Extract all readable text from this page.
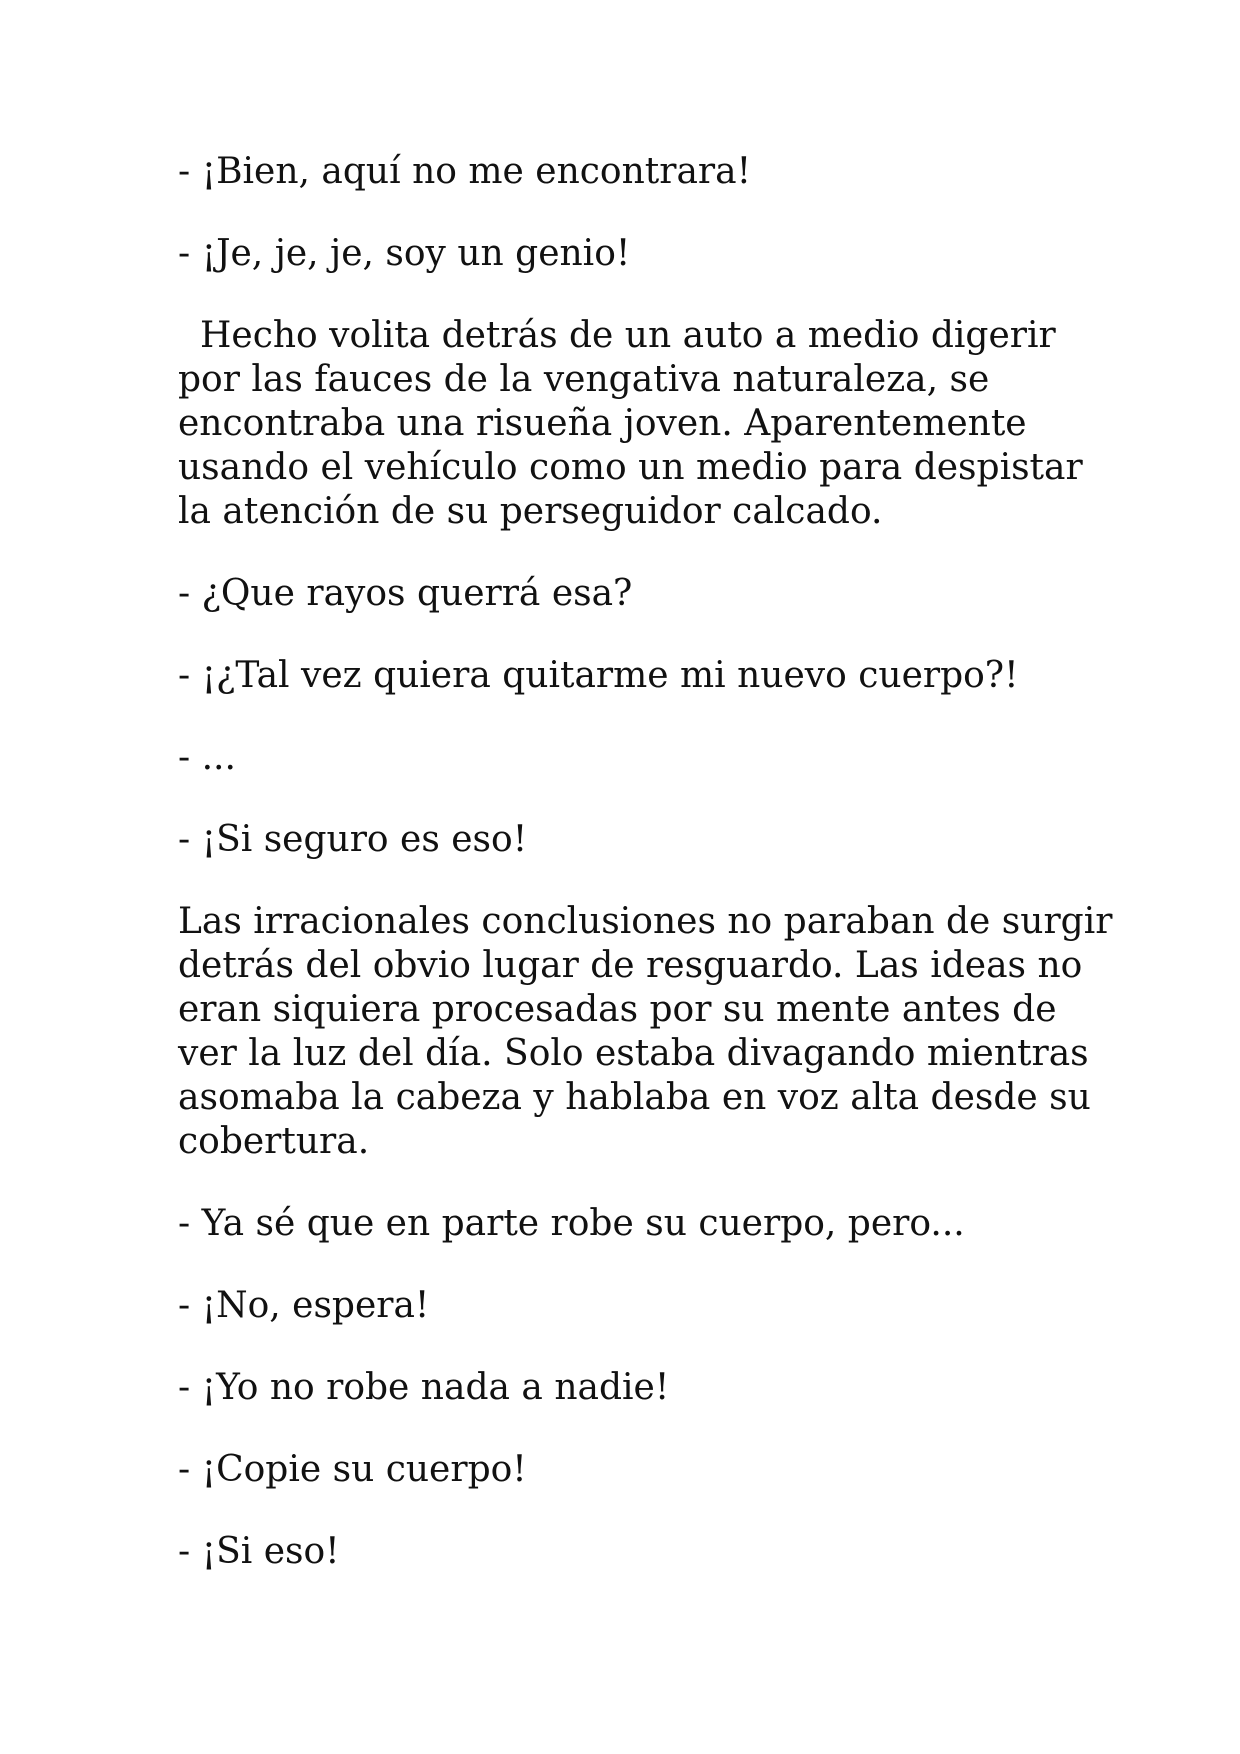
- ¡Bien, aquí no me encontrara!

- ¡Je, je, je, soy un genio!

Hecho volita detrás de un auto a medio digerir por las fauces de la vengativa naturaleza, se encontraba una risueña joven. Aparentemente usando el vehículo como un medio para despistar la atención de su perseguidor calcado.

- ¿Que rayos querrá esa?

- ¡¿Tal vez quiera quitarme mi nuevo cuerpo?!

- ...

- ¡Si seguro es eso!

Las irracionales conclusiones no paraban de surgir detrás del obvio lugar de resguardo. Las ideas no eran siquiera procesadas por su mente antes de ver la luz del día. Solo estaba divagando mientras asomaba la cabeza y hablaba en voz alta desde su cobertura.

- Ya sé que en parte robe su cuerpo, pero...

- ¡No, espera!

- ¡Yo no robe nada a nadie!

- ¡Copie su cuerpo!

- ¡Si eso!
